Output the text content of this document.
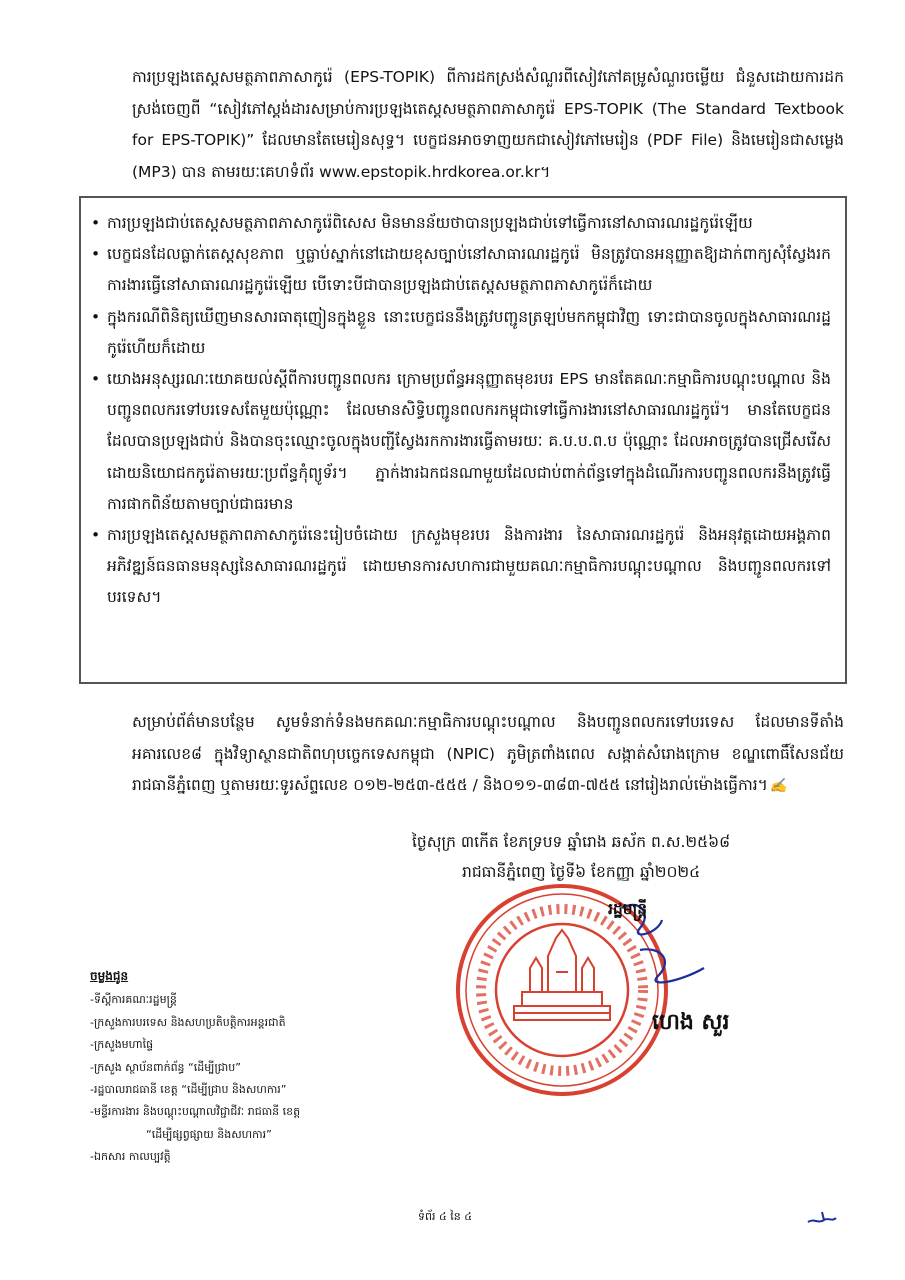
ការប្រឡងតេស្តសមត្ថភាពភាសាកូរ៉េ (EPS-TOPIK) ពីការដកស្រង់សំណួរពីសៀវភៅគម្រូសំណួរចម្លើយ ជំនួសដោយការដកស្រង់ចេញពី “សៀវភៅស្តង់ដារសម្រាប់ការប្រឡងតេស្តសមត្ថភាពភាសាកូរ៉េ EPS-TOPIK (The Standard Textbook for EPS-TOPIK)” ដែលមានតែមេរៀនសុទ្ធ។ បេក្ខជនអាចទាញយកជាសៀវភៅមេរៀន (PDF File) និងមេរៀនជាសម្លេង (MP3) បាន តាមរយៈគេហទំព័រ www.epstopik.hrdkorea.or.kr។

• ការប្រឡងជាប់តេស្តសមត្ថភាពភាសាកូរ៉េពិសេស មិនមានន័យថាបានប្រឡងជាប់ទៅធ្វើការនៅសាធារណរដ្ឋកូរ៉េឡើយ
• បេក្ខជនដែលធ្លាក់តេស្តសុខភាព ឬធ្លាប់ស្នាក់នៅដោយខុសច្បាប់នៅសាធារណរដ្ឋកូរ៉េ មិនត្រូវបានអនុញ្ញាតឱ្យដាក់ពាក្យសុំស្វែងរកការងារធ្វើនៅសាធារណរដ្ឋកូរ៉េឡើយ បើទោះបីជាបានប្រឡងជាប់តេស្តសមត្ថភាពភាសាកូរ៉េក៏ដោយ
• ក្នុងករណីពិនិត្យឃើញមានសារធាតុញៀនក្នុងខ្លួន នោះបេក្ខជននឹងត្រូវបញ្ជូនត្រឡប់មកកម្ពុជាវិញ ទោះជាបានចូលក្នុងសាធារណរដ្ឋកូរ៉េហើយក៏ដោយ
• យោងអនុស្សរណៈយោគយល់ស្តីពីការបញ្ជូនពលករ ក្រោមប្រព័ន្ធអនុញ្ញាតមុខរបរ EPS មានតែគណៈកម្មាធិការបណ្តុះបណ្តាល និងបញ្ជូនពលករទៅបរទេសតែមួយប៉ុណ្ណោះ ដែលមានសិទ្ធិបញ្ជូនពលករកម្ពុជាទៅធ្វើការងារនៅសាធារណរដ្ឋកូរ៉េ។ មានតែបេក្ខជនដែលបានប្រឡងជាប់ និងបានចុះឈ្មោះចូលក្នុងបញ្ជីស្វែងរកការងារធ្វើតាមរយៈ គ.ប.ប.ព.ប ប៉ុណ្ណោះ ដែលអាចត្រូវបានជ្រើសរើសដោយនិយោជកកូរ៉េតាមរយៈប្រព័ន្ធកុំព្យូទ័រ។ ភ្នាក់ងារឯកជនណាមួយដែលជាប់ពាក់ព័ន្ធទៅក្នុងដំណើរការបញ្ជូនពលករនឹងត្រូវធ្វើការផាកពិន័យតាមច្បាប់ជាធរមាន
• ការប្រឡងតេស្តសមត្ថភាពភាសាកូរ៉េនេះរៀបចំដោយ ក្រសួងមុខរបរ និងការងារ នៃសាធារណរដ្ឋកូរ៉េ និងអនុវត្តដោយអង្គភាពអភិវឌ្ឍន៍ធនធានមនុស្សនៃសាធារណរដ្ឋកូរ៉េ ដោយមានការសហការជាមួយគណៈកម្មាធិការបណ្តុះបណ្តាល និងបញ្ជូនពលករទៅបរទេស។
សម្រាប់ព័ត៌មានបន្ថែម សូមទំនាក់ទំនងមកគណៈកម្មាធិការបណ្តុះបណ្តាល និងបញ្ជូនពលករទៅបរទេស ដែលមានទីតាំងអគារលេខ៨ ក្នុងវិទ្យាស្ថានជាតិពហុបច្ចេកទេសកម្ពុជា (NPIC) ភូមិត្រពាំងពេល សង្កាត់សំរោងក្រោម ខណ្ឌពោធិ៍សែនជ័យ រាជធានីភ្នំពេញ ឬតាមរយៈទូរស័ព្ទលេខ ០១២-២៥៣-៥៥៥ / និង០១១-៣៨៣-៧៥៥ នៅរៀងរាល់ម៉ោងធ្វើការ។ ✍
ថ្ងៃសុក្រ ៣កើត ខែភទ្របទ ឆ្នាំរោង ឆស័ក ព.ស.២៥៦៨
រាជធានីភ្នំពេញ ថ្ងៃទី៦ ខែកញ្ញា ឆ្នាំ២០២៤
រដ្ឋមន្ត្រី
ហេង សួរ
ចម្លងជូន
-ទីស្តីការគណៈរដ្ឋមន្ត្រី
-ក្រសួងការបរទេស និងសហប្រតិបត្តិការអន្តរជាតិ
-ក្រសួងមហាផ្ទៃ
-ក្រសួង ស្ថាប័នពាក់ព័ន្ធ “ដើម្បីជ្រាប”
-រដ្ឋបាលរាជធានី ខេត្ត “ដើម្បីជ្រាប និងសហការ”
-មន្ទីរការងារ និងបណ្តុះបណ្តាលវិជ្ជាជីវៈ រាជធានី ខេត្ត
“ដើម្បីផ្សព្វផ្សាយ និងសហការ”
-ឯកសារ កាលប្បវត្តិ
ទំព័រ ៤ នៃ ៤
